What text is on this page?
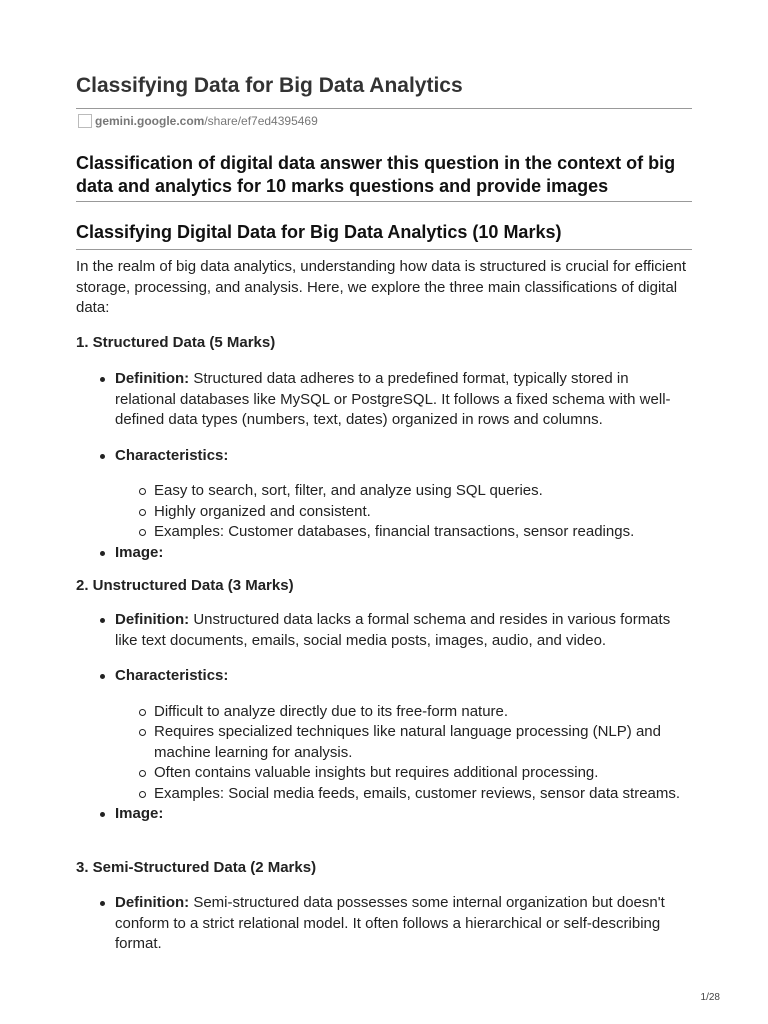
Classifying Data for Big Data Analytics
gemini.google.com /share/ef7ed4395469
Classification of digital data answer this question in the context of big data and analytics for 10 marks questions and provide images
Classifying Digital Data for Big Data Analytics (10 Marks)

In the realm of big data analytics, understanding how data is structured is crucial for efficient storage, processing, and analysis. Here, we explore the three main classifications of digital data:

1. Structured Data (5 Marks)

Definition: Structured data adheres to a predefined format, typically stored in relational databases like MySQL or PostgreSQL. It follows a fixed schema with well-defined data types (numbers, text, dates) organized in rows and columns.
Characteristics:
Easy to search, sort, filter, and analyze using SQL queries.
Highly organized and consistent.
Examples: Customer databases, financial transactions, sensor readings.
Image:

2. Unstructured Data (3 Marks)

Definition: Unstructured data lacks a formal schema and resides in various formats like text documents, emails, social media posts, images, audio, and video.
Characteristics:
Difficult to analyze directly due to its free-form nature.
Requires specialized techniques like natural language processing (NLP) and machine learning for analysis.
Often contains valuable insights but requires additional processing.
Examples: Social media feeds, emails, customer reviews, sensor data streams.
Image:

3. Semi-Structured Data (2 Marks)

Definition: Semi-structured data possesses some internal organization but doesn't conform to a strict relational model. It often follows a hierarchical or self-describing format.
1/28
